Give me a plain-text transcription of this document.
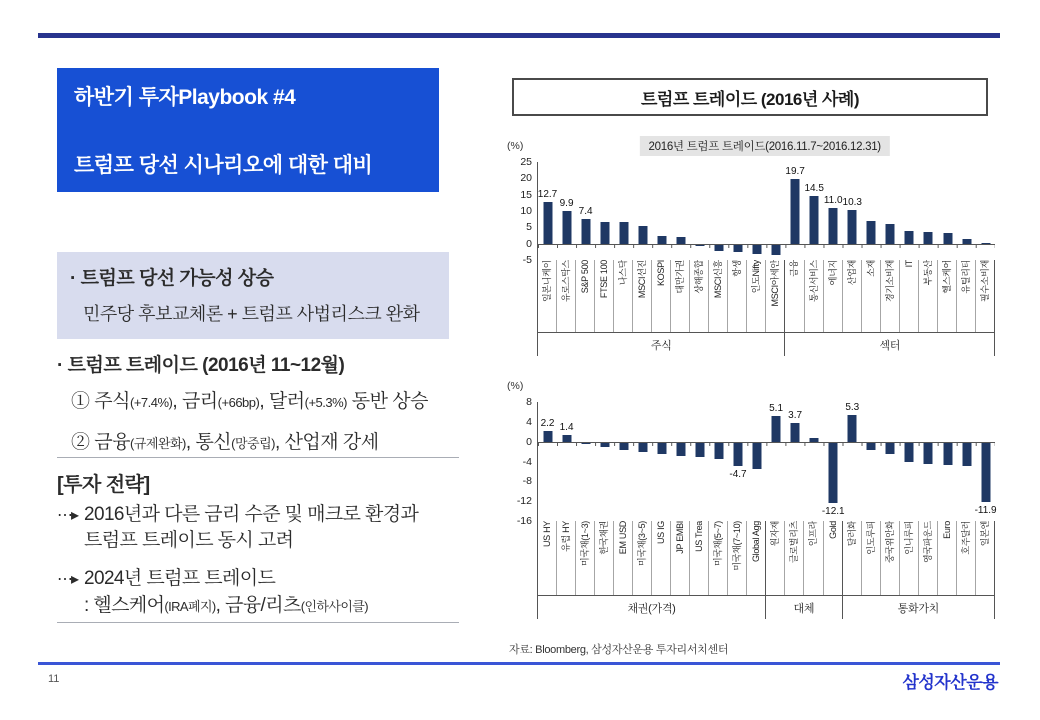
하반기 투자Playbook #4
트럼프 당선 시나리오에 대한 대비
· 트럼프 당선 가능성 상승
민주당 후보교체론 + 트럼프 사법리스크 완화
· 트럼프 트레이드 (2016년 11~12월)
① 주식(+7.4%), 금리(+66bp), 달러(+5.3%) 동반 상승
② 금융(규제완화), 통신(망중립), 산업재 강세
[투자 전략]
⋯▸ 2016년과 다른 금리 수준 및 매크로 환경과
트럼프 트레이드 동시 고려
⋯▸ 2024년 트럼프 트레이드
: 헬스케어(IRA폐지), 금융/리츠(인하사이클)
트럼프 트레이드 (2016년 사례)
(%)	2016년 트럼프 트레이드(2016.11.7~2016.12.31)
25
20
15
10
5
0
-5
12.7
9.9
7.4
19.7
14.5
11.0 10.3
일본니케이 유로스탁스 S&P 500 FTSE 100 나스닥 MSCI선진 KOSPI 대만가권 상해종합 MSCI신흥 항셍 인도Nifty MSCI아세안
주식
금융 통신서비스 에너지 산업재 소재 경기소비재 IT 부동산 헬스케어 유틸리티 필수소비재
섹터
(%)
8
4
0
-4
-8
-12
-16
2.2 1.4
-4.7
5.1
3.7
-12.1
5.3
-11.9
US HY 유럽 HY 미국채(1~3) 한국채권 EM USD 미국채(3~5) US IG JP EMBI US Trea 미국채(5~7) 미국채(7~10) Global Agg
채권(가격)
원자재 글로벌리츠 인프라 Gold
대체
달러화 인도루피 중국위안화 인니루피 영국파운드 Euro 호주달러 일본엔
통화가치
자료: Bloomberg, 삼성자산운용 투자리서치센터
11	삼성자산운용
